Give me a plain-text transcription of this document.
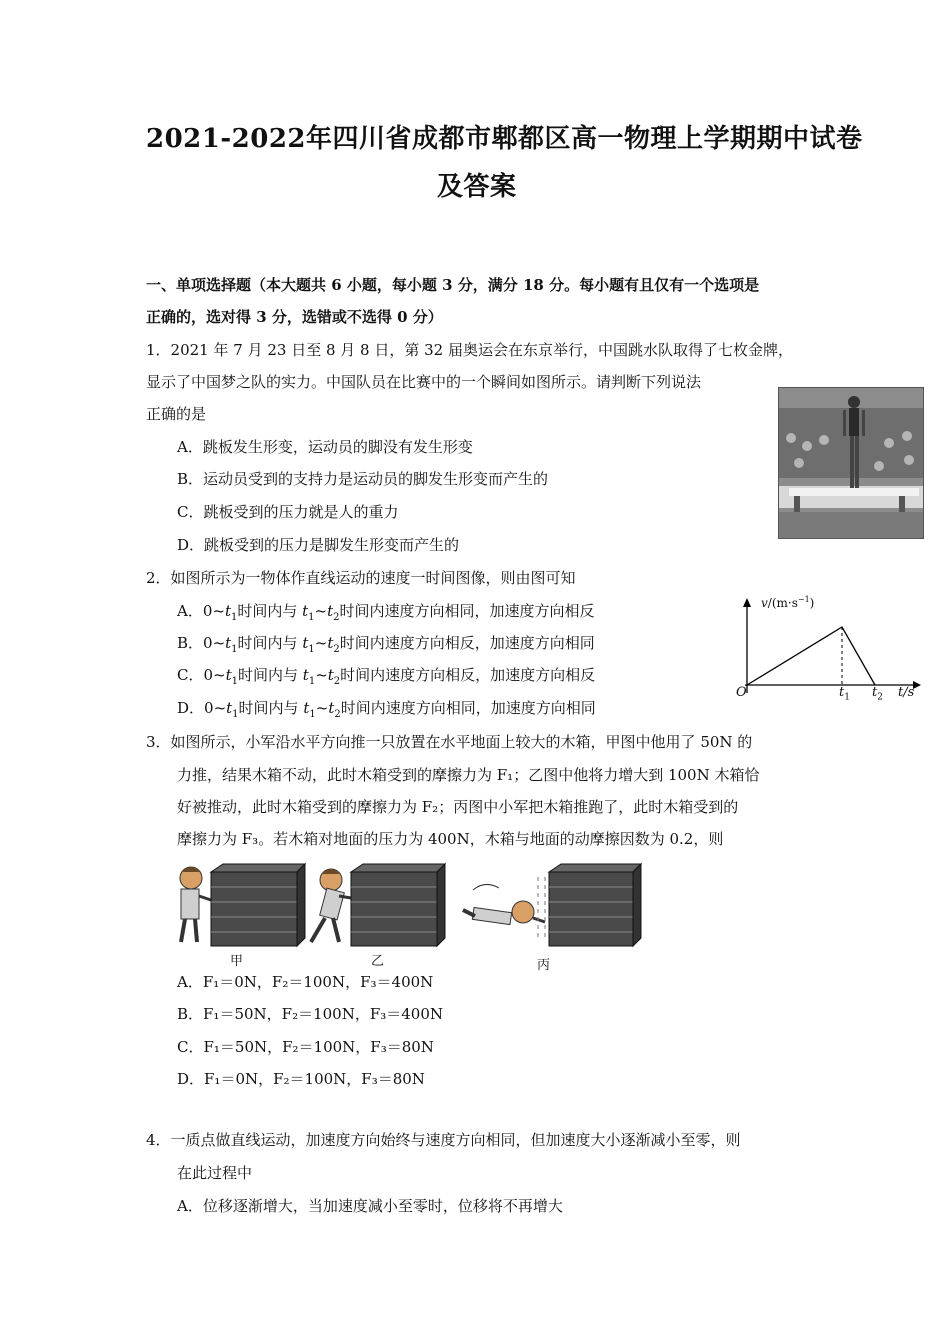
2021-2022年四川省成都市郫都区高一物理上学期期中试卷
及答案
一、单项选择题（本大题共 6 小题，每小题 3 分，满分 18 分。每小题有且仅有一个选项是
正确的，选对得 3 分，选错或不选得 0 分）
1．2021 年 7 月 23 日至 8 月 8 日，第 32 届奥运会在东京举行，中国跳水队取得了七枚金牌，
显示了中国梦之队的实力。中国队员在比赛中的一个瞬间如图所示。请判断下列说法
正确的是
A．跳板发生形变，运动员的脚没有发生形变
B．运动员受到的支持力是运动员的脚发生形变而产生的
C．跳板受到的压力就是人的重力
D．跳板受到的压力是脚发生形变而产生的
2．如图所示为一物体作直线运动的速度一时间图像，则由图可知
A．$0\sim t_1$时间内与 $t_1\sim t_2$时间内速度方向相同，加速度方向相反
B．$0\sim t_1$时间内与 $t_1\sim t_2$时间内速度方向相反，加速度方向相同
C．$0\sim t_1$时间内与 $t_1\sim t_2$时间内速度方向相反，加速度方向相反
D．$0\sim t_1$时间内与 $t_1\sim t_2$时间内速度方向相同，加速度方向相同
$v/(m\cdot s^{-1})$
O	$t_1$ $t_2$ t/s
3．如图所示，小军沿水平方向推一只放置在水平地面上较大的木箱，甲图中他用了 50N 的
力推，结果木箱不动，此时木箱受到的摩擦力为 F₁；乙图中他将力增大到 100N 木箱恰
好被推动，此时木箱受到的摩擦力为 F₂；丙图中小军把木箱推跑了，此时木箱受到的
摩擦力为 F₃。若木箱对地面的压力为 400N，木箱与地面的动摩擦因数为 0.2，则
甲	乙	丙
A．F₁＝0N，F₂＝100N，F₃＝400N
B．F₁＝50N，F₂＝100N，F₃＝400N
C．F₁＝50N，F₂＝100N，F₃＝80N
D．F₁＝0N，F₂＝100N，F₃＝80N
4．一质点做直线运动，加速度方向始终与速度方向相同，但加速度大小逐渐减小至零，则
在此过程中
A．位移逐渐增大，当加速度减小至零时，位移将不再增大
